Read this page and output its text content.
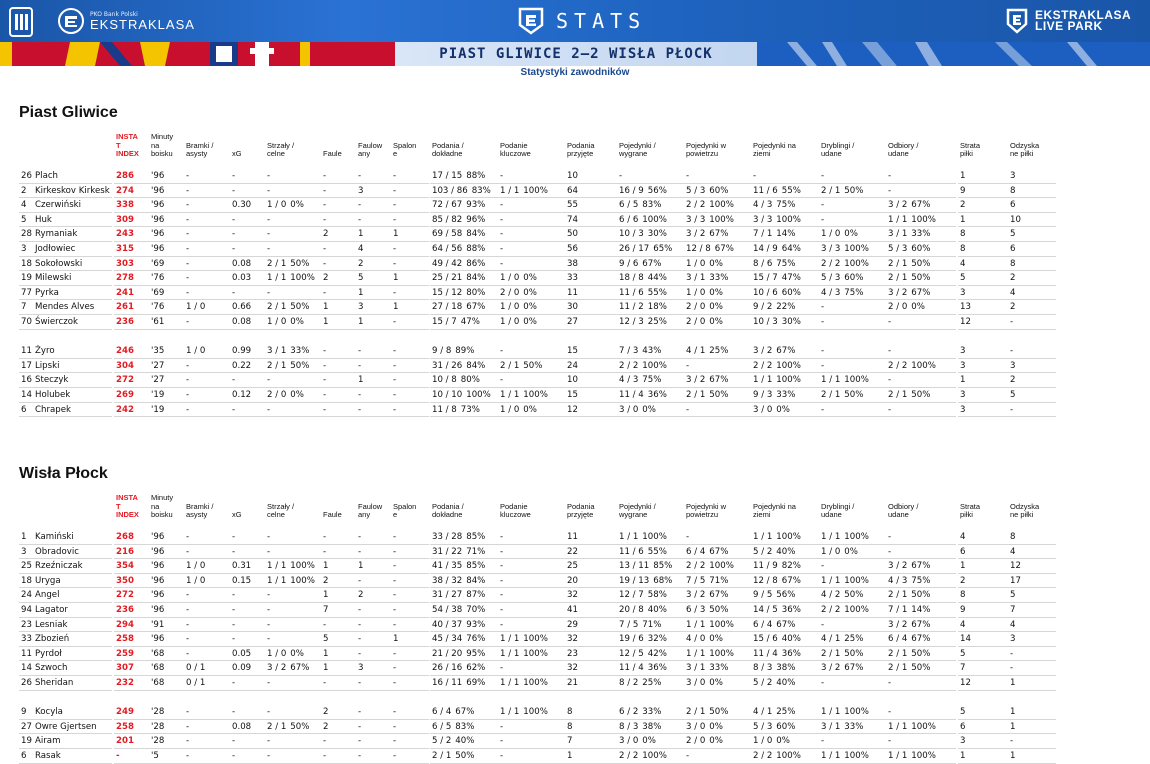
PKO Bank Polski
EKSTRAKLASA	STATS	EKSTRAKLASA
LIVE PARK
PIAST GLIWICE 2–2 WISŁA PŁOCK
Statystyki zawodników
Piast Gliwice
INSTA
T
INDEX
Minuty
na
boisku
Bramki /
asysty	xG
Strzały /
celne	Faule
Faulow
any
Spalon
e
Podania /
dokładne
Podanie
kluczowe
Podania
przyjęte
Pojedynki /
wygrane
Pojedynki w
powietrzu
Pojedynki na
ziemi
Dryblingi /
udane
Odbiory /
udane
Strata
piłki
Odzyska
ne piłki
26 Plach	286	'96	-	-	-	-	-	-	17 / 15 88%	-	10	-	-	-	-	-	1	3
2 Kirkeskov Kirkesk 274	'96	-	-	-	-	3	-	103 / 86 83%	1 / 1 100%	64	16 / 9 56%	5 / 3 60%	11 / 6 55%	2 / 1 50%	-	9	8
4 Czerwiński	338	'96	-	0.30	1 / 0 0%	-	-	-	72 / 67 93%	-	55	6 / 5 83%	2 / 2 100%	4 / 3 75%	-	3 / 2 67%	2	6
5 Huk	309	'96	-	-	-	-	-	-	85 / 82 96%	-	74	6 / 6 100%	3 / 3 100%	3 / 3 100%	-	1 / 1 100%	1	10
28 Rymaniak	243	'96	-	-	-	2	1	1	69 / 58 84%	-	50	10 / 3 30%	3 / 2 67%	7 / 1 14%	1 / 0 0%	3 / 1 33%	8	5
3 Jodłowiec	315	'96	-	-	-	-	4	-	64 / 56 88%	-	56	26 / 17 65%	12 / 8 67%	14 / 9 64%	3 / 3 100%	5 / 3 60%	8	6
18 Sokołowski	303	'69	-	0.08	2 / 1 50%	-	2	-	49 / 42 86%	-	38	9 / 6 67%	1 / 0 0%	8 / 6 75%	2 / 2 100%	2 / 1 50%	4	8
19 Milewski	278	'76	-	0.03	1 / 1 100% 2	5	1	25 / 21 84%	1 / 0 0%	33	18 / 8 44%	3 / 1 33%	15 / 7 47%	5 / 3 60%	2 / 1 50%	5	2
77 Pyrka	241	'69	-	-	-	-	1	-	15 / 12 80%	2 / 0 0%	11	11 / 6 55%	1 / 0 0%	10 / 6 60%	4 / 3 75%	3 / 2 67%	3	4
7 Mendes Alves	261	'76	1 / 0	0.66	2 / 1 50%	1	3	1	27 / 18 67%	1 / 0 0%	30	11 / 2 18%	2 / 0 0%	9 / 2 22%	-	2 / 0 0%	13	2
70 Świerczok	236	'61	-	0.08	1 / 0 0%	1	1	-	15 / 7 47%	1 / 0 0%	27	12 / 3 25%	2 / 0 0%	10 / 3 30%	-	-	12	-
11 Żyro	246	'35	1 / 0	0.99	3 / 1 33%	-	-	-	9 / 8 89%	-	15	7 / 3 43%	4 / 1 25%	3 / 2 67%	-	-	3	-
17 Lipski	304	'27	-	0.22	2 / 1 50%	-	-	-	31 / 26 84%	2 / 1 50%	24	2 / 2 100%	-	2 / 2 100%	-	2 / 2 100%	3	3
16 Steczyk	272	'27	-	-	-	-	1	-	10 / 8 80%	-	10	4 / 3 75%	3 / 2 67%	1 / 1 100%	1 / 1 100%	-	1	2
14 Holubek	269	'19	-	0.12	2 / 0 0%	-	-	-	10 / 10 100%	1 / 1 100%	15	11 / 4 36%	2 / 1 50%	9 / 3 33%	2 / 1 50%	2 / 1 50%	3	5
6 Chrapek	242	'19	-	-	-	-	-	-	11 / 8 73%	1 / 0 0%	12	3 / 0 0%	-	3 / 0 0%	-	-	3	-
Wisła Płock
INSTA
T
INDEX
Minuty
na
boisku
Bramki /
asysty	xG
Strzały /
celne	Faule
Faulow
any
Spalon
e
Podania /
dokładne
Podanie
kluczowe
Podania
przyjęte
Pojedynki /
wygrane
Pojedynki w
powietrzu
Pojedynki na
ziemi
Dryblingi /
udane
Odbiory /
udane
Strata
piłki
Odzyska
ne piłki
1 Kamiński	268	'96	-	-	-	-	-	-	33 / 28 85%	-	11	1 / 1 100%	-	1 / 1 100%	1 / 1 100%	-	4	8
3 Obradovic	216	'96	-	-	-	-	-	-	31 / 22 71%	-	22	11 / 6 55%	6 / 4 67%	5 / 2 40%	1 / 0 0%	-	6	4
25 Rzeźniczak	354	'96	1 / 0	0.31	1 / 1 100% 1	1	-	41 / 35 85%	-	25	13 / 11 85%	2 / 2 100%	11 / 9 82%	-	3 / 2 67%	1	12
18 Uryga	350	'96	1 / 0	0.15	1 / 1 100% 2	-	-	38 / 32 84%	-	20	19 / 13 68%	7 / 5 71%	12 / 8 67%	1 / 1 100%	4 / 3 75%	2	17
24 Angel	272	'96	-	-	-	1	2	-	31 / 27 87%	-	32	12 / 7 58%	3 / 2 67%	9 / 5 56%	4 / 2 50%	2 / 1 50%	8	5
94 Lagator	236	'96	-	-	-	7	-	-	54 / 38 70%	-	41	20 / 8 40%	6 / 3 50%	14 / 5 36%	2 / 2 100%	7 / 1 14%	9	7
23 Lesniak	294	'91	-	-	-	-	-	-	40 / 37 93%	-	29	7 / 5 71%	1 / 1 100%	6 / 4 67%	-	3 / 2 67%	4	4
33 Zbozień	258	'96	-	-	-	5	-	1	45 / 34 76%	1 / 1 100%	32	19 / 6 32%	4 / 0 0%	15 / 6 40%	4 / 1 25%	6 / 4 67%	14	3
11 Pyrdoł	259	'68	-	0.05	1 / 0 0%	1	-	-	21 / 20 95%	1 / 1 100%	23	12 / 5 42%	1 / 1 100%	11 / 4 36%	2 / 1 50%	2 / 1 50%	5	-
14 Szwoch	307	'68	0 / 1	0.09	3 / 2 67%	1	3	-	26 / 16 62%	-	32	11 / 4 36%	3 / 1 33%	8 / 3 38%	3 / 2 67%	2 / 1 50%	7	-
26 Sheridan	232	'68	0 / 1	-	-	-	-	-	16 / 11 69%	1 / 1 100%	21	8 / 2 25%	3 / 0 0%	5 / 2 40%	-	-	12	1
9 Kocyla	249	'28	-	-	-	2	-	-	6 / 4 67%	1 / 1 100%	8	6 / 2 33%	2 / 1 50%	4 / 1 25%	1 / 1 100%	-	5	1
27 Owre Gjertsen	258	'28	-	0.08	2 / 1 50%	2	-	-	6 / 5 83%	-	8	8 / 3 38%	3 / 0 0%	5 / 3 60%	3 / 1 33%	1 / 1 100%	6	1
19 Airam	201	'28	-	-	-	-	-	-	5 / 2 40%	-	7	3 / 0 0%	2 / 0 0%	1 / 0 0%	-	-	3	-
6 Rasak	-	'5	-	-	-	-	-	-	2 / 1 50%	-	1	2 / 2 100%	-	2 / 2 100%	1 / 1 100%	1 / 1 100%	1	1
